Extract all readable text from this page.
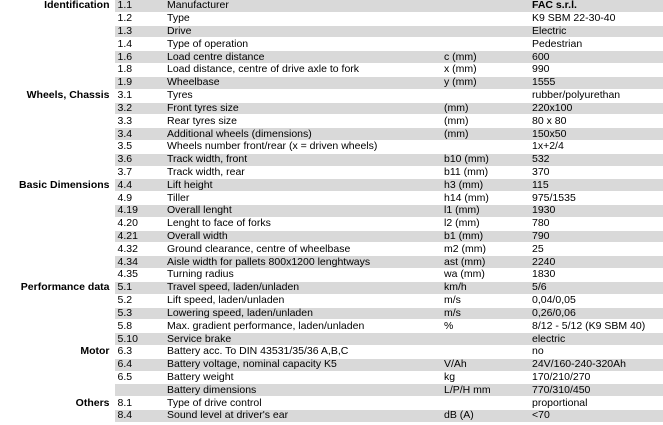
Identification	1.1	Manufacturer		FAC s.r.l.
	1.2	Type		K9 SBM 22-30-40
	1.3	Drive		Electric
	1.4	Type of operation		Pedestrian
	1.6	Load centre distance	c (mm)	600
	1.8	Load distance, centre of drive axle to fork	x (mm)	990
	1.9	Wheelbase	y (mm)	1555
Wheels, Chassis	3.1	Tyres		rubber/polyurethan
	3.2	Front tyres size	(mm)	220x100
	3.3	Rear tyres size	(mm)	80 x 80
	3.4	Additional wheels (dimensions)	(mm)	150x50
	3.5	Wheels number front/rear (x = driven wheels)		1x+2/4
	3.6	Track width, front	b10 (mm)	532
	3.7	Track width, rear	b11 (mm)	370
Basic Dimensions	4.4	Lift height	h3 (mm)	115
	4.9	Tiller	h14 (mm)	975/1535
	4.19	Overall lenght	l1 (mm)	1930
	4.20	Lenght to face of forks	l2 (mm)	780
	4.21	Overall width	b1 (mm)	790
	4.32	Ground clearance, centre of wheelbase	m2 (mm)	25
	4.34	Aisle width for pallets 800x1200 lenghtways	ast (mm)	2240
	4.35	Turning radius	wa (mm)	1830
Performance data	5.1	Travel speed, laden/unladen	km/h	5/6
	5.2	Lift speed, laden/unladen	m/s	0,04/0,05
	5.3	Lowering speed, laden/unladen	m/s	0,26/0,06
	5.8	Max. gradient performance, laden/unladen	%	8/12 - 5/12 (K9 SBM 40)
	5.10	Service brake		electric
Motor	6.3	Battery acc. To DIN 43531/35/36 A,B,C		no
	6.4	Battery voltage, nominal capacity K5	V/Ah	24V/160-240-320Ah
	6.5	Battery weight	kg	170/210/270
		Battery dimensions	L/P/H mm	770/310/450
Others	8.1	Type of drive control		proportional
	8.4	Sound level at driver's ear	dB (A)	<70
